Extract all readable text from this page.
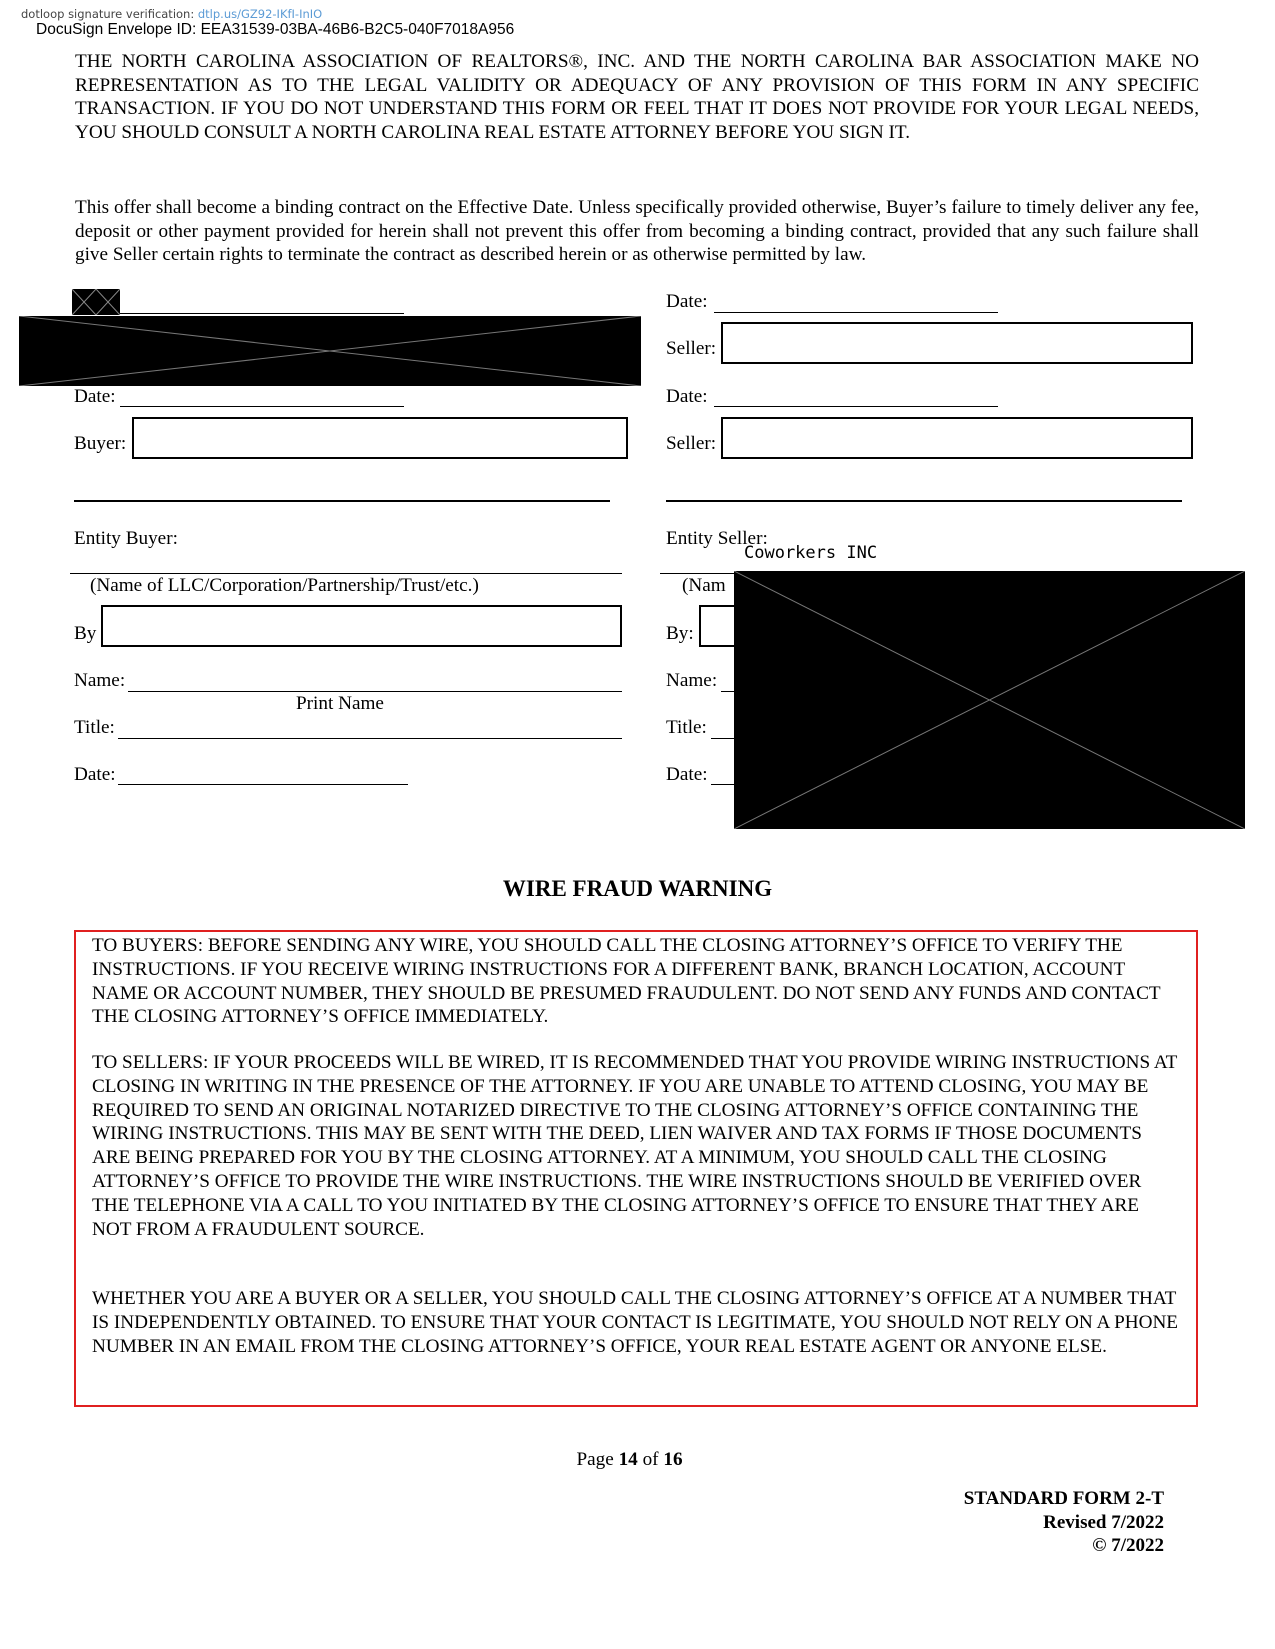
dotloop signature verification: dtlp.us/GZ92-IKfI-InIO
DocuSign Envelope ID: EEA31539-03BA-46B6-B2C5-040F7018A956
THE NORTH CAROLINA ASSOCIATION OF REALTORS®, INC. AND THE NORTH CAROLINA BAR ASSOCIATION MAKE NO REPRESENTATION AS TO THE LEGAL VALIDITY OR ADEQUACY OF ANY PROVISION OF THIS FORM IN ANY SPECIFIC TRANSACTION. IF YOU DO NOT UNDERSTAND THIS FORM OR FEEL THAT IT DOES NOT PROVIDE FOR YOUR LEGAL NEEDS, YOU SHOULD CONSULT A NORTH CAROLINA REAL ESTATE ATTORNEY BEFORE YOU SIGN IT.
This offer shall become a binding contract on the Effective Date. Unless specifically provided otherwise, Buyer’s failure to timely deliver any fee, deposit or other payment provided for herein shall not prevent this offer from becoming a binding contract, provided that any such failure shall give Seller certain rights to terminate the contract as described herein or as otherwise permitted by law.
Date:
Buyer:
Entity Buyer:
(Name of LLC/Corporation/Partnership/Trust/etc.)
By
Name:
Print Name
Title:
Date:
Date:
Seller:
Date:
Seller:
Entity Seller:
Coworkers INC
(Nam
By:
Name:
Title:
Date:
WIRE FRAUD WARNING
TO BUYERS: BEFORE SENDING ANY WIRE, YOU SHOULD CALL THE CLOSING ATTORNEY’S OFFICE TO VERIFY THE INSTRUCTIONS. IF YOU RECEIVE WIRING INSTRUCTIONS FOR A DIFFERENT BANK, BRANCH LOCATION, ACCOUNT NAME OR ACCOUNT NUMBER, THEY SHOULD BE PRESUMED FRAUDULENT. DO NOT SEND ANY FUNDS AND CONTACT THE CLOSING ATTORNEY’S OFFICE IMMEDIATELY.
TO SELLERS: IF YOUR PROCEEDS WILL BE WIRED, IT IS RECOMMENDED THAT YOU PROVIDE WIRING INSTRUCTIONS AT CLOSING IN WRITING IN THE PRESENCE OF THE ATTORNEY. IF YOU ARE UNABLE TO ATTEND CLOSING, YOU MAY BE REQUIRED TO SEND AN ORIGINAL NOTARIZED DIRECTIVE TO THE CLOSING ATTORNEY’S OFFICE CONTAINING THE WIRING INSTRUCTIONS. THIS MAY BE SENT WITH THE DEED, LIEN WAIVER AND TAX FORMS IF THOSE DOCUMENTS ARE BEING PREPARED FOR YOU BY THE CLOSING ATTORNEY. AT A MINIMUM, YOU SHOULD CALL THE CLOSING ATTORNEY’S OFFICE TO PROVIDE THE WIRE INSTRUCTIONS. THE WIRE INSTRUCTIONS SHOULD BE VERIFIED OVER THE TELEPHONE VIA A CALL TO YOU INITIATED BY THE CLOSING ATTORNEY’S OFFICE TO ENSURE THAT THEY ARE NOT FROM A FRAUDULENT SOURCE.
WHETHER YOU ARE A BUYER OR A SELLER, YOU SHOULD CALL THE CLOSING ATTORNEY’S OFFICE AT A NUMBER THAT IS INDEPENDENTLY OBTAINED. TO ENSURE THAT YOUR CONTACT IS LEGITIMATE, YOU SHOULD NOT RELY ON A PHONE NUMBER IN AN EMAIL FROM THE CLOSING ATTORNEY’S OFFICE, YOUR REAL ESTATE AGENT OR ANYONE ELSE.
Page 14 of 16
STANDARD FORM 2-T
Revised 7/2022
© 7/2022
